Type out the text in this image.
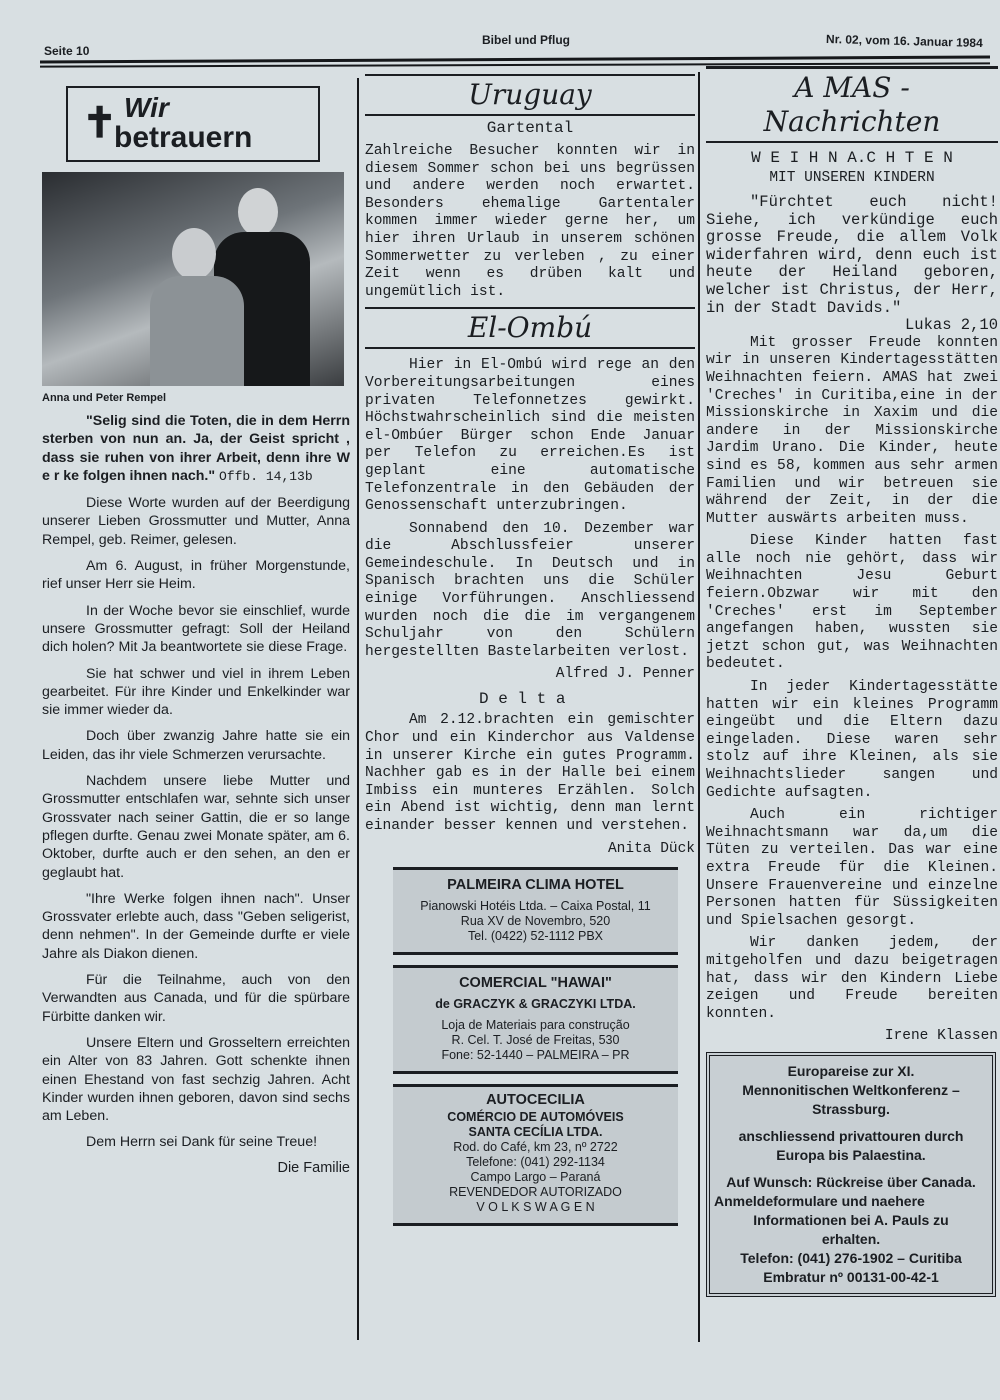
Seite 10
Bibel und Pflug	Nr. 02, vom 16. Januar 1984
✝ Wir
betrauern
Anna und Peter Rempel

"Selig sind die Toten, die in dem Herrn sterben von nun an. Ja, der Geist spricht , dass sie ruhen von ihrer Arbeit, denn ihre W e r ke folgen ihnen nach." Offb. 14,13b

Diese Worte wurden auf der Beerdigung unserer Lieben Grossmutter und Mutter, Anna Rempel, geb. Reimer, gelesen.

Am 6. August, in früher Morgenstunde, rief unser Herr sie Heim.

In der Woche bevor sie einschlief, wurde unsere Grossmutter gefragt: Soll der Heiland dich holen? Mit Ja beantwortete sie diese Frage.

Sie hat schwer und viel in ihrem Leben gearbeitet. Für ihre Kinder und Enkelkinder war sie immer wieder da.

Doch über zwanzig Jahre hatte sie ein Leiden, das ihr viele Schmerzen verursachte.

Nachdem unsere liebe Mutter und Grossmutter entschlafen war, sehnte sich unser Grossvater nach seiner Gattin, die er so lange pflegen durfte. Genau zwei Monate später, am 6. Oktober, durfte auch er den sehen, an den er geglaubt hat.

"Ihre Werke folgen ihnen nach". Unser Grossvater erlebte auch, dass "Geben seligerist, denn nehmen". In der Gemeinde durfte er viele Jahre als Diakon dienen.

Für die Teilnahme, auch von den Verwandten aus Canada, und für die spürbare Fürbitte danken wir.

Unsere Eltern und Grosseltern erreichten ein Alter von 83 Jahren. Gott schenkte ihnen einen Ehestand von fast sechzig Jahren. Acht Kinder wurden ihnen geboren, davon sind sechs am Leben.

Dem Herrn sei Dank für seine Treue!

Die Familie
Uruguay
Gartental

Zahlreiche Besucher konnten wir in diesem Sommer schon bei uns begrüssen und andere werden noch erwartet. Besonders ehemalige Gartentaler kommen immer wieder gerne her, um hier ihren Urlaub in unserem schönen Sommerwetter zu verleben , zu einer Zeit wenn es drüben kalt und ungemütlich ist.

El-Ombú

Hier in El-Ombú wird rege an den Vorbereitungsarbeitungen eines privaten Telefonnetzes gewirkt. Höchstwahrscheinlich sind die meisten el-Ombúer Bürger schon Ende Januar per Telefon zu erreichen.Es ist geplant eine automatische Telefonzentrale in den Gebäuden der Genossenschaft unterzubringen.

Sonnabend den 10. Dezember war die Abschlussfeier unserer Gemeindeschule. In Deutsch und in Spanisch brachten uns die Schüler einige Vorführungen. Anschliessend wurden noch die die im vergangenem Schuljahr von den Schülern hergestellten Bastelarbeiten verlost.

Alfred J. Penner
D e l t a

Am 2.12.brachten ein gemischter Chor und ein Kinderchor aus Valdense in unserer Kirche ein gutes Programm. Nachher gab es in der Halle bei einem Imbiss ein munteres Erzählen. Solch ein Abend ist wichtig, denn man lernt einander besser kennen und verstehen.

Anita Dück
PALMEIRA CLIMA HOTEL
Pianowski Hotéis Ltda. – Caixa Postal, 11
Rua XV de Novembro, 520
Tel. (0422) 52-1112 PBX
COMERCIAL "HAWAI"
de GRACZYK & GRACZYKI LTDA.
Loja de Materiais para construção
R. Cel. T. José de Freitas, 530
Fone: 52-1440 – PALMEIRA – PR
AUTOCECILIA
COMÉRCIO DE AUTOMÓVEIS
SANTA CECÍLIA LTDA.
Rod. do Café, km 23, nº 2722
Telefone: (041) 292-1134
Campo Largo – Paraná
REVENDEDOR AUTORIZADO
V O L K S W A G E N
A MAS - Nachrichten
W E I H N A.C H T E N
MIT UNSEREN KINDERN

"Fürchtet euch nicht! Siehe, ich verkündige euch grosse Freude, die allem Volk widerfahren wird, denn euch ist heute der Heiland geboren, welcher ist Christus, der Herr, in der Stadt Davids."
Lukas 2,10

Mit grosser Freude konnten wir in unseren Kindertagesstätten Weihnachten feiern. AMAS hat zwei 'Creches' in Curitiba,eine in der Missionskirche in Xaxim und die andere in der Missionskirche Jardim Urano. Die Kinder, heute sind es 58, kommen aus sehr armen Familien und wir betreuen sie während der Zeit, in der die Mutter auswärts arbeiten muss.

Diese Kinder hatten fast alle noch nie gehört, dass wir Weihnachten Jesu Geburt feiern.Obzwar wir mit den 'Creches' erst im September angefangen haben, wussten sie jetzt schon gut, was Weihnachten bedeutet.

In jeder Kindertagesstätte hatten wir ein kleines Programm eingeübt und die Eltern dazu eingeladen. Diese waren sehr stolz auf ihre Kleinen, als sie Weihnachtslieder sangen und Gedichte aufsagten.

Auch ein richtiger Weihnachtsmann war da,um die Tüten zu verteilen. Das war eine extra Freude für die Kleinen. Unsere Frauenvereine und einzelne Personen hatten für Süssigkeiten und Spielsachen gesorgt.

Wir danken jedem, der mitgeholfen und dazu beigetragen hat, dass wir den Kindern Liebe zeigen und Freude bereiten konnten.

Irene Klassen
Europareise zur XI.
Mennonitischen Weltkonferenz –
Strassburg.
anschliessend privattouren durch
Europa bis Palaestina.
Auf Wunsch: Rückreise über Canada.
Anmeldeformulare und naehere
Informationen bei A. Pauls zu
erhalten.
Telefon: (041) 276-1902 – Curitiba
Embratur nº 00131-00-42-1
